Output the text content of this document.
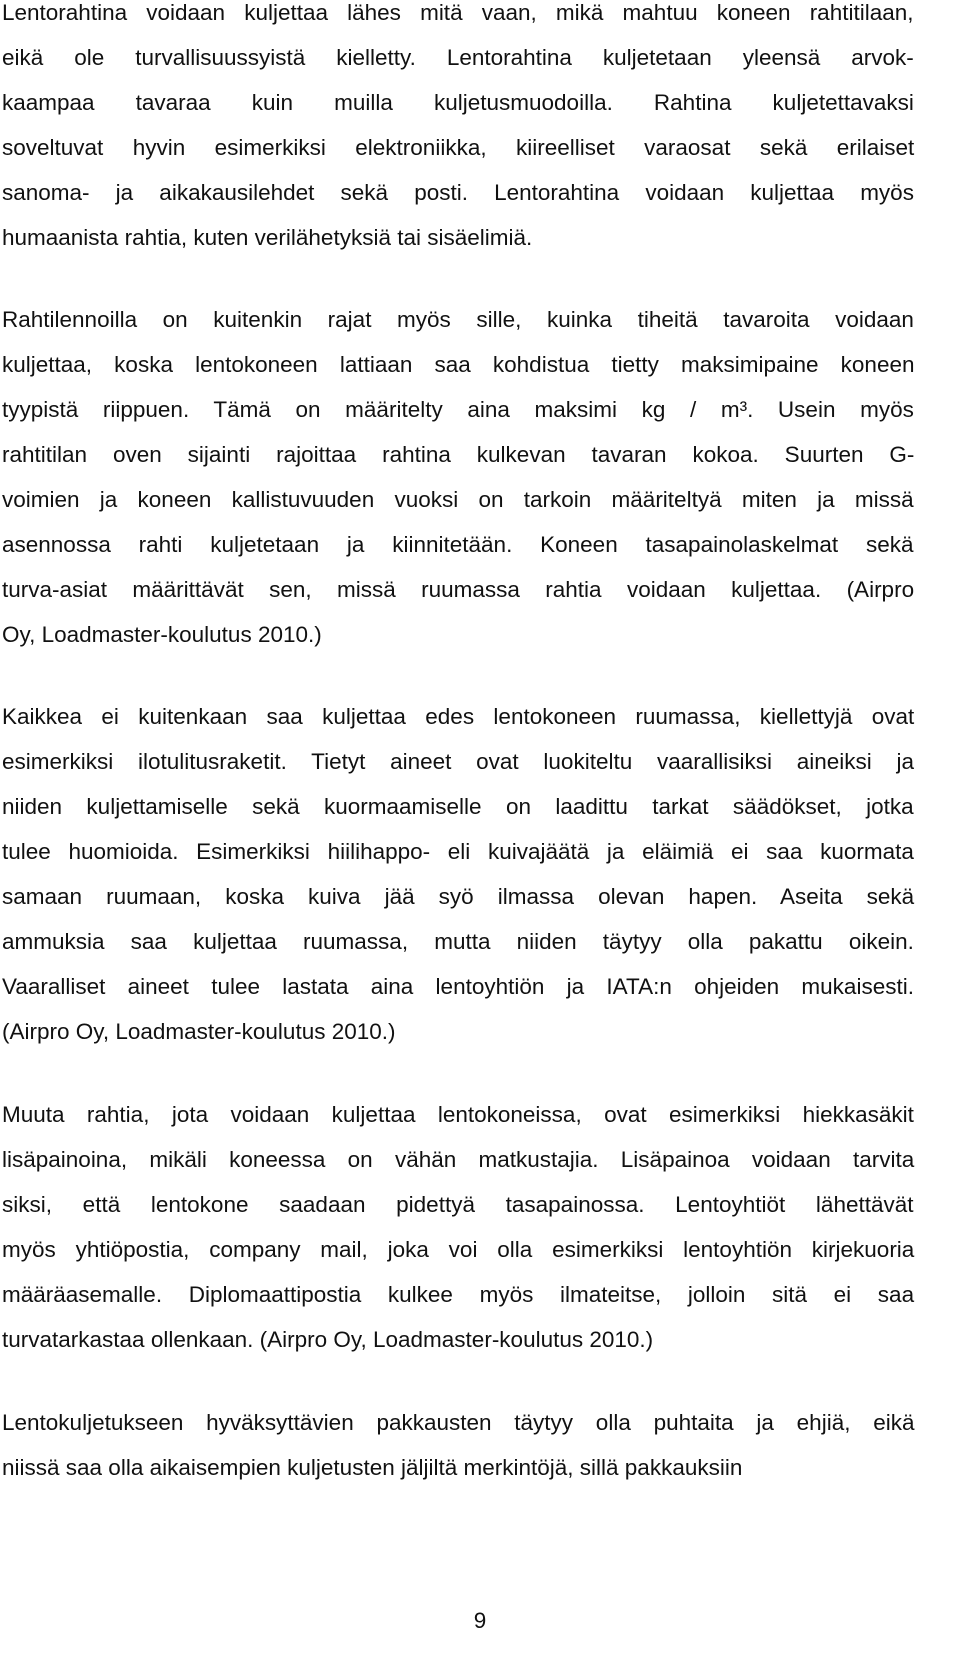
Lentorahtina voidaan kuljettaa lähes mitä vaan, mikä mahtuu koneen rahtitilaan,
eikä ole turvallisuussyistä kielletty. Lentorahtina kuljetetaan yleensä arvok-
kaampaa tavaraa kuin muilla kuljetusmuodoilla. Rahtina kuljetettavaksi
soveltuvat hyvin esimerkiksi elektroniikka, kiireelliset varaosat sekä erilaiset
sanoma- ja aikakausilehdet sekä posti. Lentorahtina voidaan kuljettaa myös
humaanista rahtia, kuten verilähetyksiä tai sisäelimiä.

Rahtilennoilla on kuitenkin rajat myös sille, kuinka tiheitä tavaroita voidaan
kuljettaa, koska lentokoneen lattiaan saa kohdistua tietty maksimipaine koneen
tyypistä riippuen. Tämä on määritelty aina maksimi kg / m³. Usein myös
rahtitilan oven sijainti rajoittaa rahtina kulkevan tavaran kokoa. Suurten G-
voimien ja koneen kallistuvuuden vuoksi on tarkoin määriteltyä miten ja missä
asennossa rahti kuljetetaan ja kiinnitetään. Koneen tasapainolaskelmat sekä
turva-asiat määrittävät sen, missä ruumassa rahtia voidaan kuljettaa. (Airpro
Oy, Loadmaster-koulutus 2010.)

Kaikkea ei kuitenkaan saa kuljettaa edes lentokoneen ruumassa, kiellettyjä ovat
esimerkiksi ilotulitusraketit. Tietyt aineet ovat luokiteltu vaarallisiksi aineiksi ja
niiden kuljettamiselle sekä kuormaamiselle on laadittu tarkat säädökset, jotka
tulee huomioida. Esimerkiksi hiilihappo- eli kuivajäätä ja eläimiä ei saa kuormata
samaan ruumaan, koska kuiva jää syö ilmassa olevan hapen. Aseita sekä
ammuksia saa kuljettaa ruumassa, mutta niiden täytyy olla pakattu oikein.
Vaaralliset aineet tulee lastata aina lentoyhtiön ja IATA:n ohjeiden mukaisesti.
(Airpro Oy, Loadmaster-koulutus 2010.)

Muuta rahtia, jota voidaan kuljettaa lentokoneissa, ovat esimerkiksi hiekkasäkit
lisäpainoina, mikäli koneessa on vähän matkustajia. Lisäpainoa voidaan tarvita
siksi, että lentokone saadaan pidettyä tasapainossa. Lentoyhtiöt lähettävät
myös yhtiöpostia, company mail, joka voi olla esimerkiksi lentoyhtiön kirjekuoria
määräasemalle. Diplomaattipostia kulkee myös ilmateitse, jolloin sitä ei saa
turvatarkastaa ollenkaan. (Airpro Oy, Loadmaster-koulutus 2010.)

Lentokuljetukseen hyväksyttävien pakkausten täytyy olla puhtaita ja ehjiä, eikä
niissä saa olla aikaisempien kuljetusten jäljiltä merkintöjä, sillä pakkauksiin

9
